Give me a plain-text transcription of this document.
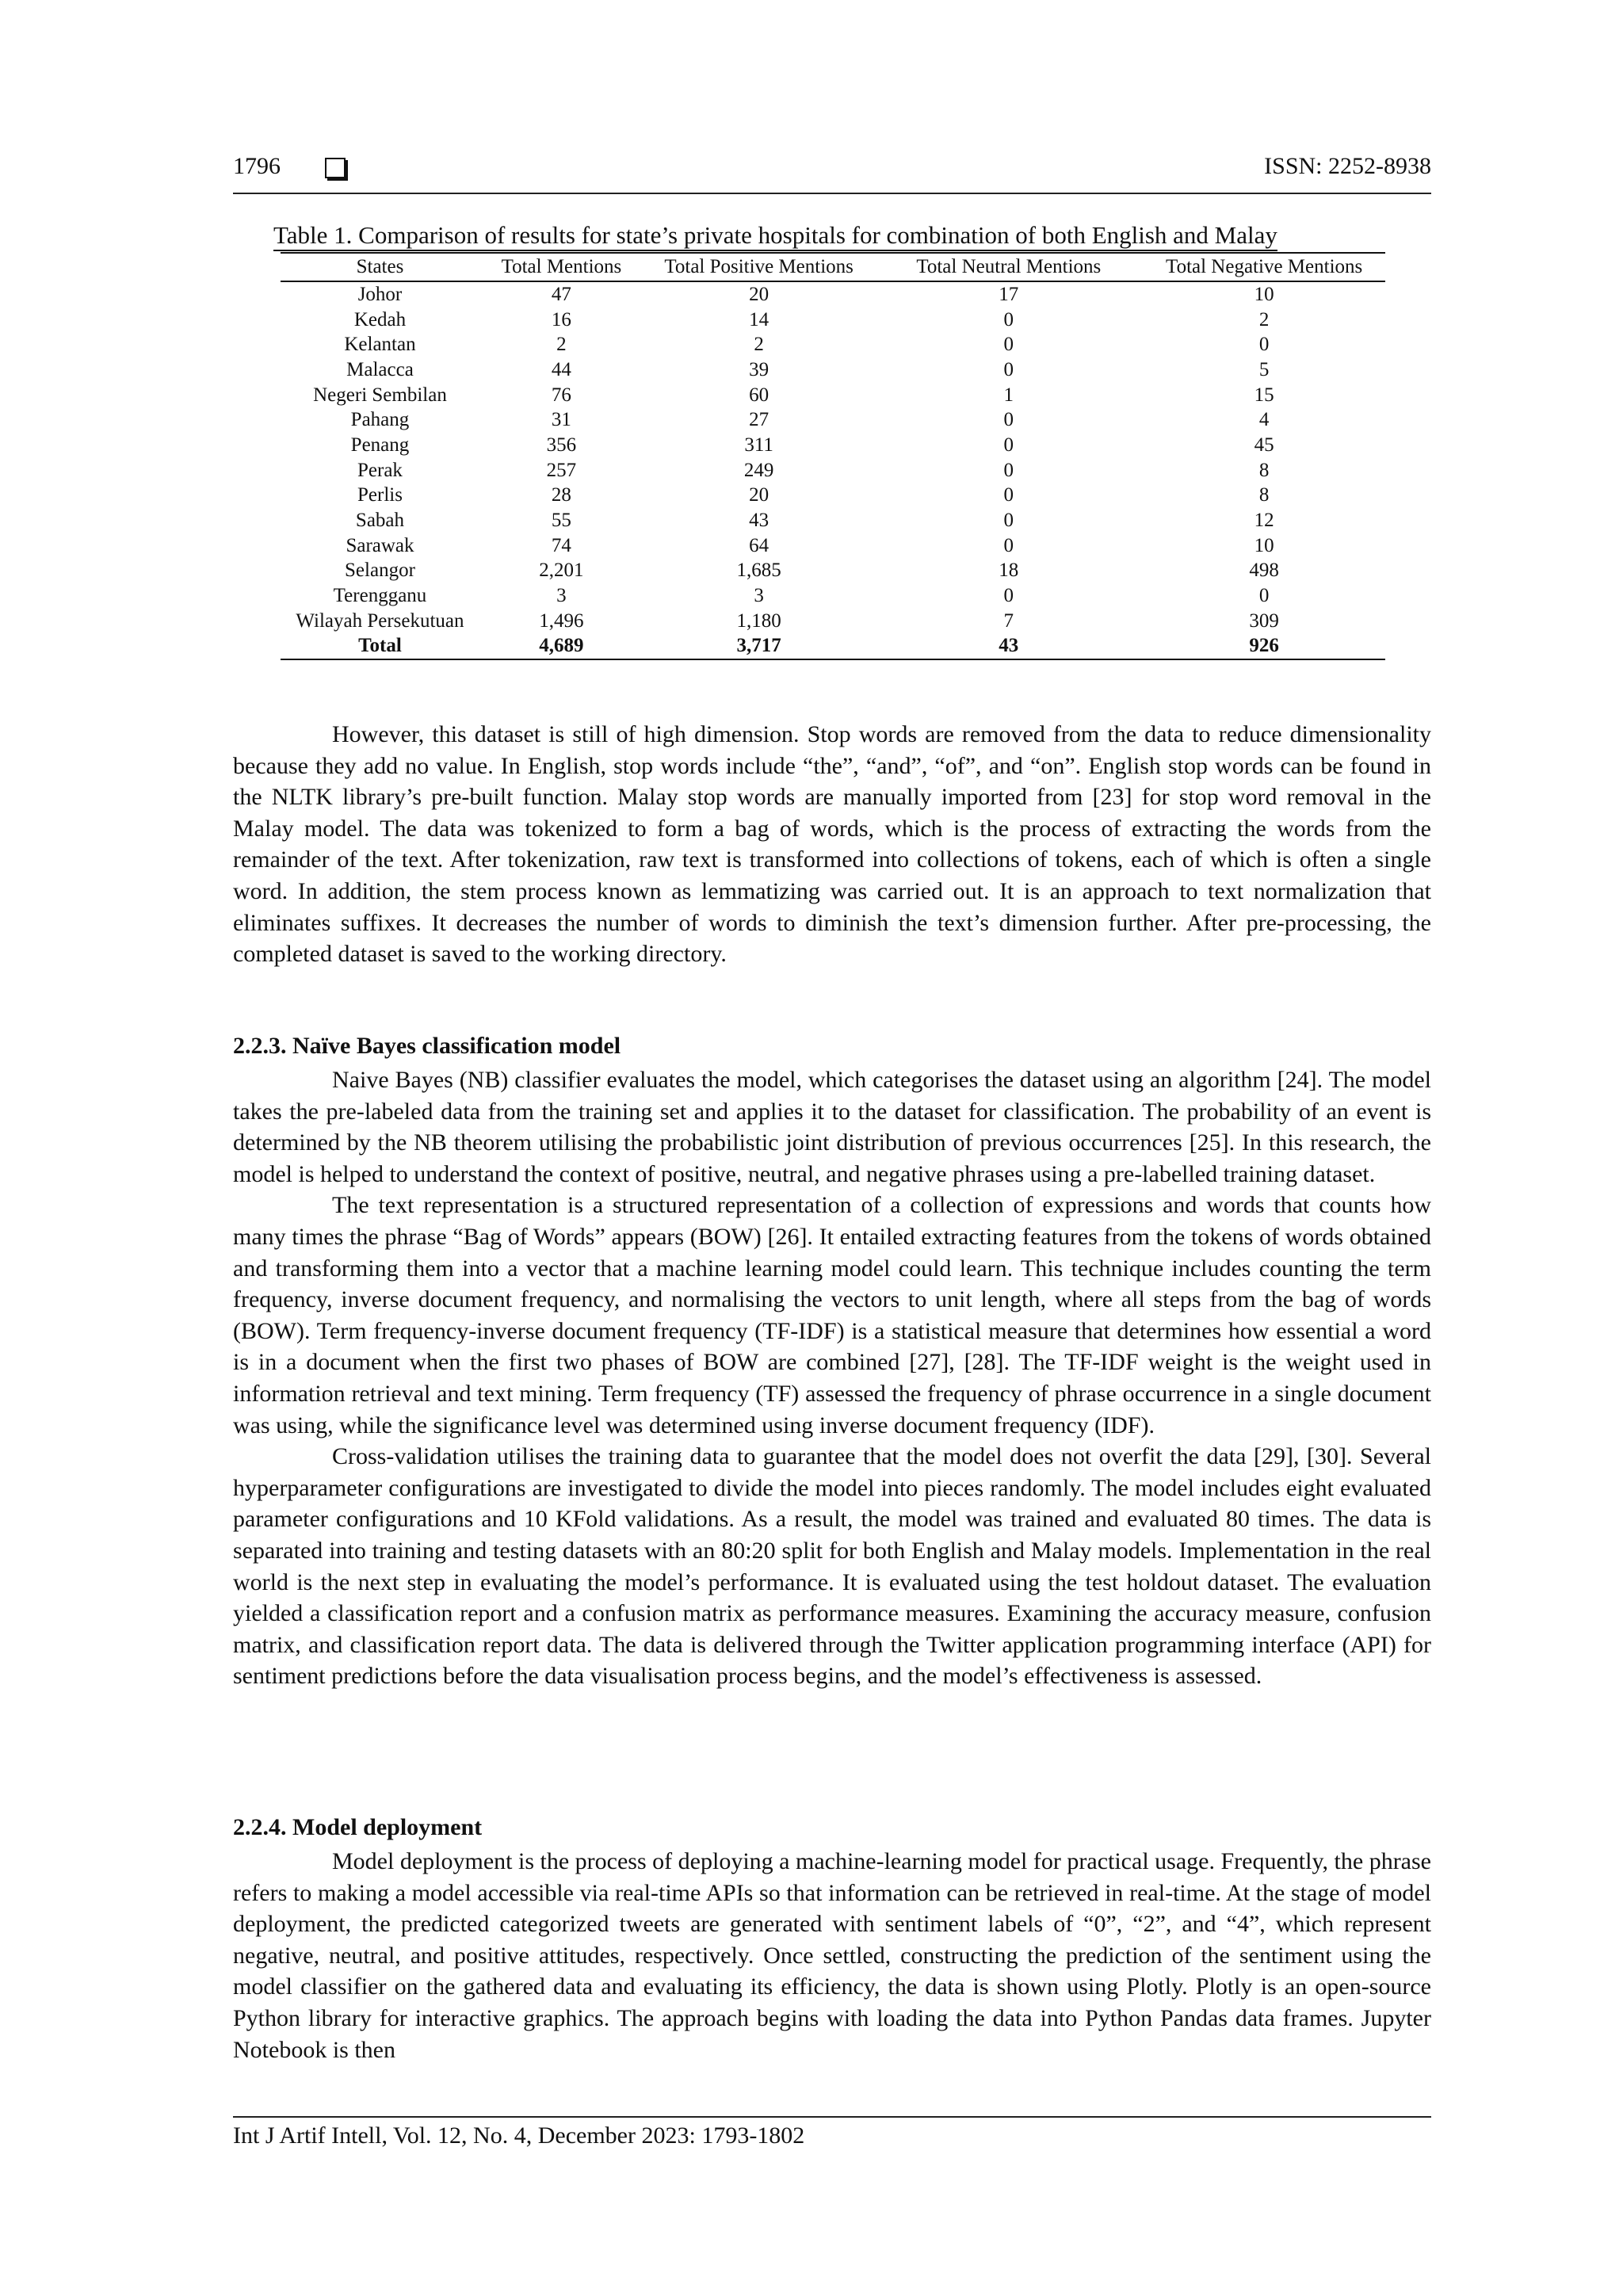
1796	ISSN: 2252-8938
Table 1. Comparison of results for state’s private hospitals for combination of both English and Malay
States	Total Mentions	Total Positive Mentions	Total Neutral Mentions	Total Negative Mentions
Johor	47	20	17	10
Kedah	16	14	0	2
Kelantan	2	2	0	0
Malacca	44	39	0	5
Negeri Sembilan	76	60	1	15
Pahang	31	27	0	4
Penang	356	311	0	45
Perak	257	249	0	8
Perlis	28	20	0	8
Sabah	55	43	0	12
Sarawak	74	64	0	10
Selangor	2,201	1,685	18	498
Terengganu	3	3	0	0
Wilayah Persekutuan	1,496	1,180	7	309
Total	4,689	3,717	43	926

However, this dataset is still of high dimension. Stop words are removed from the data to reduce dimensionality because they add no value. In English, stop words include “the”, “and”, “of”, and “on”. English stop words can be found in the NLTK library’s pre-built function. Malay stop words are manually imported from [23] for stop word removal in the Malay model. The data was tokenized to form a bag of words, which is the process of extracting the words from the remainder of the text. After tokenization, raw text is transformed into collections of tokens, each of which is often a single word. In addition, the stem process known as lemmatizing was carried out. It is an approach to text normalization that eliminates suffixes. It decreases the number of words to diminish the text’s dimension further. After pre-processing, the completed dataset is saved to the working directory.

2.2.3. Naïve Bayes classification model

Naive Bayes (NB) classifier evaluates the model, which categorises the dataset using an algorithm [24]. The model takes the pre-labeled data from the training set and applies it to the dataset for classification. The probability of an event is determined by the NB theorem utilising the probabilistic joint distribution of previous occurrences [25]. In this research, the model is helped to understand the context of positive, neutral, and negative phrases using a pre-labelled training dataset.

The text representation is a structured representation of a collection of expressions and words that counts how many times the phrase “Bag of Words” appears (BOW) [26]. It entailed extracting features from the tokens of words obtained and transforming them into a vector that a machine learning model could learn. This technique includes counting the term frequency, inverse document frequency, and normalising the vectors to unit length, where all steps from the bag of words (BOW). Term frequency-inverse document frequency (TF-IDF) is a statistical measure that determines how essential a word is in a document when the first two phases of BOW are combined [27], [28]. The TF-IDF weight is the weight used in information retrieval and text mining. Term frequency (TF) assessed the frequency of phrase occurrence in a single document was using, while the significance level was determined using inverse document frequency (IDF).

Cross-validation utilises the training data to guarantee that the model does not overfit the data [29], [30]. Several hyperparameter configurations are investigated to divide the model into pieces randomly. The model includes eight evaluated parameter configurations and 10 KFold validations. As a result, the model was trained and evaluated 80 times. The data is separated into training and testing datasets with an 80:20 split for both English and Malay models. Implementation in the real world is the next step in evaluating the model’s performance. It is evaluated using the test holdout dataset. The evaluation yielded a classification report and a confusion matrix as performance measures. Examining the accuracy measure, confusion matrix, and classification report data. The data is delivered through the Twitter application programming interface (API) for sentiment predictions before the data visualisation process begins, and the model’s effectiveness is assessed.

2.2.4. Model deployment

Model deployment is the process of deploying a machine-learning model for practical usage. Frequently, the phrase refers to making a model accessible via real-time APIs so that information can be retrieved in real-time. At the stage of model deployment, the predicted categorized tweets are generated with sentiment labels of “0”, “2”, and “4”, which represent negative, neutral, and positive attitudes, respectively. Once settled, constructing the prediction of the sentiment using the model classifier on the gathered data and evaluating its efficiency, the data is shown using Plotly. Plotly is an open-source Python library for interactive graphics. The approach begins with loading the data into Python Pandas data frames. Jupyter Notebook is then

Int J Artif Intell, Vol. 12, No. 4, December 2023: 1793-1802
